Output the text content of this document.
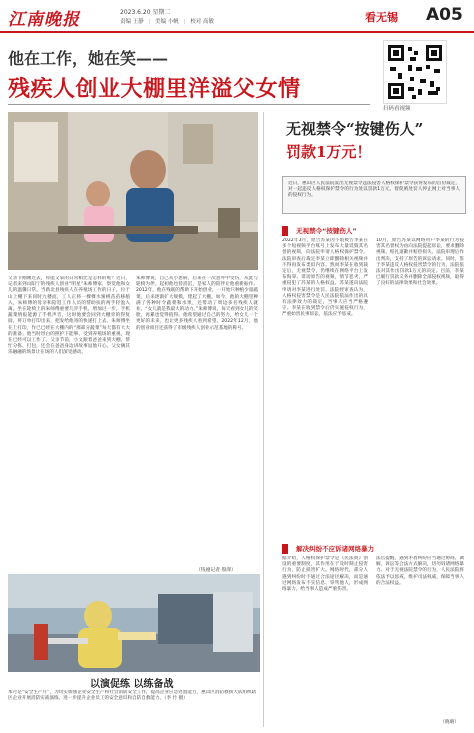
江南晚报	2023.6.20 星期二
责编 王静 | 美编 小帆 | 校对 高敏	看无锡 A05
他在工作，她在笑——
残疾人创业大棚里洋溢父女情
扫码看视频
父亲节刚刚过去，你能又拿的日常相比是怎样的呢？近日，记者来到山阳宁的残疾人创业“明星”朱师傅家，察觉他和女儿的温馨日常。当新北县残疾人在养殖场工作的日子，位于山上棚下来同时九楼而，工人正将一棵棵水蜜桃苗苗移植入，朱师傅的母亲和陪逛工作人员的帮助扶的两手轻盈入离。坐在轮椅上的朱师傅重要几步手机，增加过一步，手机蔬菜情报能源了手机声音，这时他要会回到大棚旁的得复间。将订单打印出来，把发给他寄的快递打上去。朱师傅坐在上打印，作已已经在大棚内的“那部分蔬菜”每天都有大大的准备。他当时坦白的照护下能够，受到养殖场的重视，现在已经可以工作了。父亲节前，小文跟着爸爸来到大棚，帮忙分拣、打包，还会在爸爸身边讲故事逗他开心。父女俩其乐融融的场景让在场的人们深受感动。
朱师傅说，自己从小患病，后来在一次意外中受伤，从此与轮椅为伴。起初他也曾消沉，是家人的陪伴让他重新振作。2012年，他在残联的帮助下开始创业，一开始只种植少量蔬菜，后来逐渐扩大规模，建起了大棚。如今，他的大棚里种满了各种时令蔬菜和水果，还带动了周边多名残疾人就业。“女儿就是我最大的动力。”朱师傅说，每天看到女儿的笑脸，再累也觉得值得。他希望通过自己的努力，给女儿一个更好的未来，也让更多残疾人看到希望。2022年12月，他的创业项目还获得了市级残疾人创业示范基地的称号。
（钱娅记者 殷澤）
以演促练 以练备战
本月是“安全生产月”，为切实加强企业安全生产和社会消防安全工作，提高企业应急处置能力，惠山区消防救援大队组织辖区企业开展消防实战演练，进一步提升企业员工的安全意识和自防自救能力。（李 竹 摄）
无视禁令“按键伤人”
罚款1万元！
近日，惠山区人民法院发出无视禁令违法侵害人格权保护禁令获得发布的首份裁定，对一起违反人格权保护禁令的行为处以罚款1万元，督促被处罚人停止网上对当事人的侵权行为。
无视禁令“按键伤人”
2022年3月，原告苏某因不堪被告李某在多个短视频平台账号上发布大量诋毁其名誉的视频，向法院申请人格权保护禁令。法院审查后裁定李某立即删除相关视频并不得再发布类似内容。然而李某在收到裁定后，无视禁令，仍继续在网络平台上发布侮辱、诽谤原告的视频，情节恶劣，严重侵犯了苏某的人格权益。苏某遂向法院申请对李某进行处罚。法院经审查认为，人格权侵害禁令是人民法院依法作出的具有法律效力的裁定，当事人应当严格遵守。李某在收到禁令后仍实施侵权行为，严重妨害民事诉讼，依法应予惩戒。
10月，原告苏某以网络用户李某的行为侵害其名誉权为由向法院提起诉讼，要求删除视频、赔礼道歉并赔偿损失。法院审理后作出判决，支持了原告的诉讼请求。同时，鉴于李某违反人格权侵害禁令的行为，法院依法对其作出罚款1万元的决定。目前，李某已履行罚款义务并删除全部侵权视频，取得了良好的法律效果和社会效果。
解决纠纷不应诉诸网络暴力
据介绍，人格权保护禁令是《民法典》创设的重要制度，其作用在于及时制止侵害行为，防止损害扩大。网络时代，部分人遇到纠纷时不通过合法途径解决，而是通过网络发布不实信息、辱骂他人，形成网络暴力，给当事人造成严重伤害。
法官提醒，遇到矛盾纠纷应当通过协商、调解、诉讼等合法方式解决，切勿诉诸网络暴力。对于无视法院禁令的行为，人民法院将依法予以惩戒，维护司法权威，保障当事人的合法权益。
（晓晴）
